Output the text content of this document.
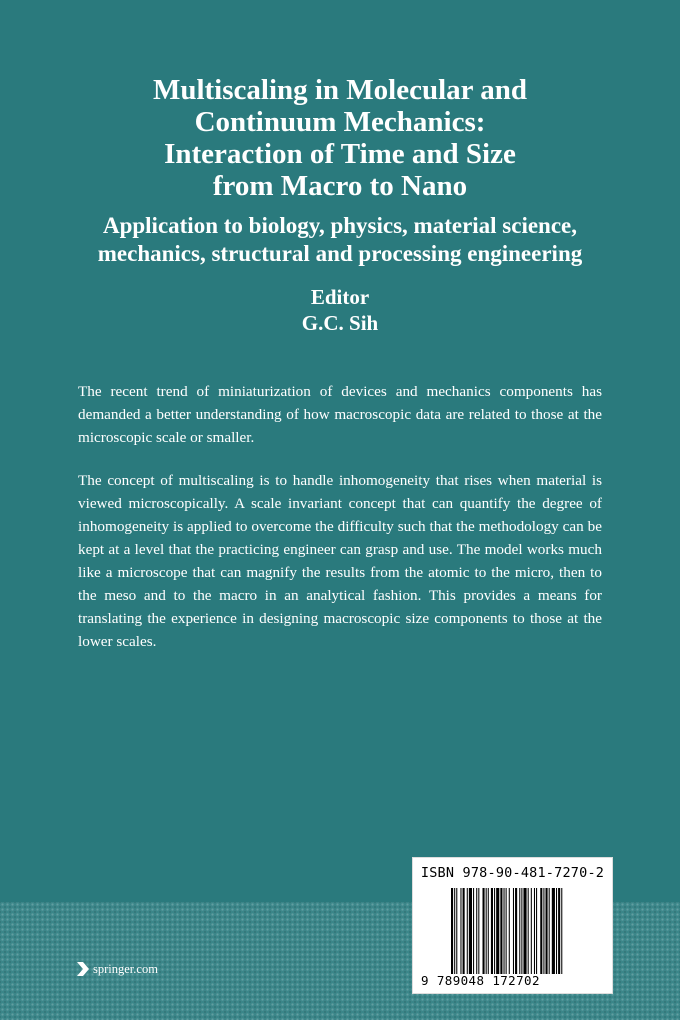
Multiscaling in Molecular and
Continuum Mechanics:
Interaction of Time and Size
from Macro to Nano
Application to biology, physics, material science,
mechanics, structural and processing engineering
Editor
G.C. Sih

The recent trend of miniaturization of devices and mechanics components has demanded a better understanding of how macroscopic data are related to those at the microscopic scale or smaller.

The concept of multiscaling is to handle inhomogeneity that rises when material is viewed microscopically. A scale invariant concept that can quantify the degree of inhomogeneity is applied to overcome the difficulty such that the methodology can be kept at a level that the practicing engineer can grasp and use. The model works much like a microscope that can magnify the results from the atomic to the micro, then to the meso and to the macro in an analytical fashion. This provides a means for translating the experience in designing macroscopic size components to those at the lower scales.

springer.com
ISBN 978-90-481-7270-2
9 789048 172702
